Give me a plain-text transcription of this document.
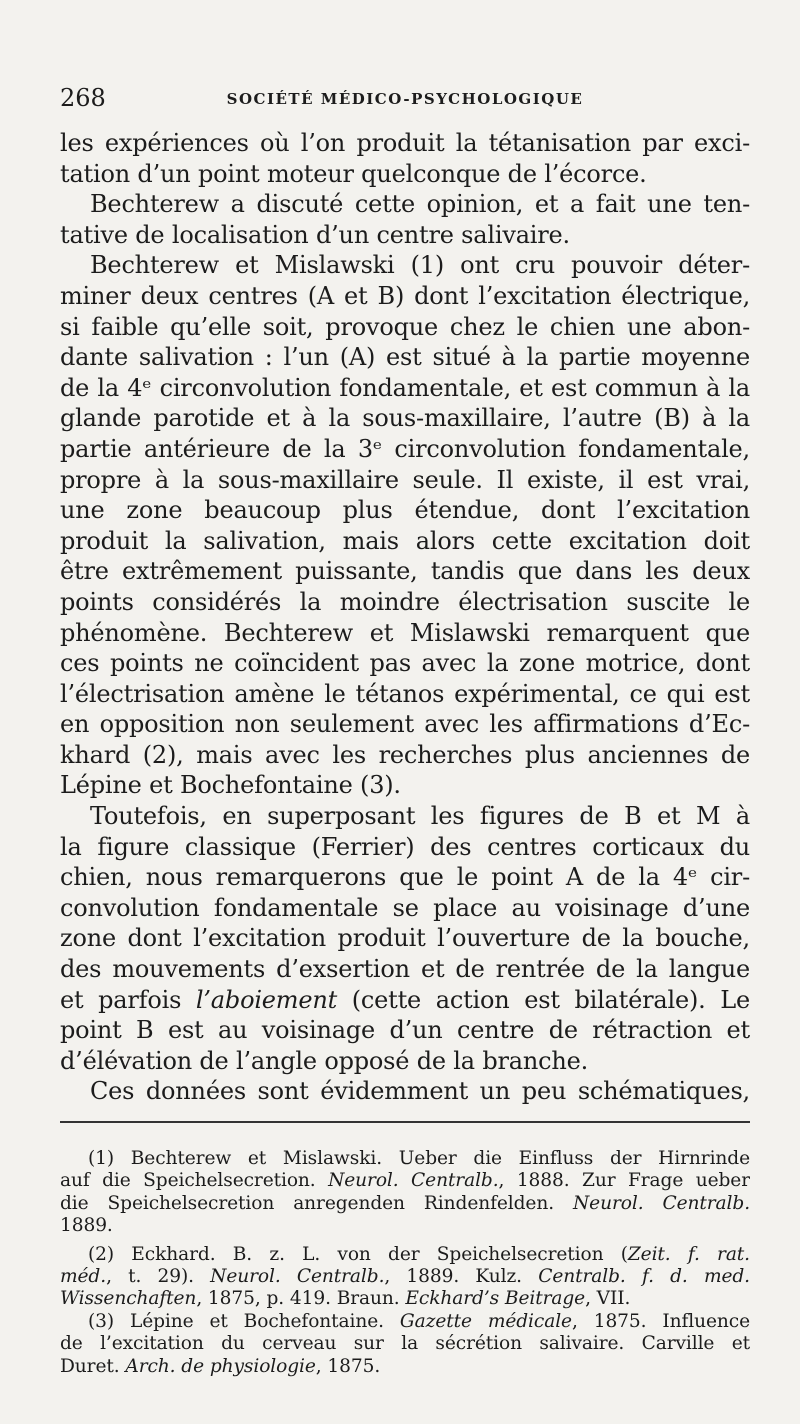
268	SOCIÉTÉ MÉDICO-PSYCHOLOGIQUE
les expériences où l’on produit la tétanisation par exci-
tation d’un point moteur quelconque de l’écorce.
Bechterew a discuté cette opinion, et a fait une ten-
tative de localisation d’un centre salivaire.
Bechterew et Mislawski (1) ont cru pouvoir déter-
miner deux centres (A et B) dont l’excitation électrique,
si faible qu’elle soit, provoque chez le chien une abon-
dante salivation : l’un (A) est situé à la partie moyenne
de la 4ᵉ circonvolution fondamentale, et est commun à la
glande parotide et à la sous-maxillaire, l’autre (B) à la
partie antérieure de la 3ᵉ circonvolution fondamentale,
propre à la sous-maxillaire seule. Il existe, il est vrai,
une zone beaucoup plus étendue, dont l’excitation
produit la salivation, mais alors cette excitation doit
être extrêmement puissante, tandis que dans les deux
points considérés la moindre électrisation suscite le
phénomène. Bechterew et Mislawski remarquent que
ces points ne coïncident pas avec la zone motrice, dont
l’électrisation amène le tétanos expérimental, ce qui est
en opposition non seulement avec les affirmations d’Ec-
khard (2), mais avec les recherches plus anciennes de
Lépine et Bochefontaine (3).
Toutefois, en superposant les figures de B et M à
la figure classique (Ferrier) des centres corticaux du
chien, nous remarquerons que le point A de la 4ᵉ cir-
convolution fondamentale se place au voisinage d’une
zone dont l’excitation produit l’ouverture de la bouche,
des mouvements d’exsertion et de rentrée de la langue
et parfois l’aboiement (cette action est bilatérale). Le
point B est au voisinage d’un centre de rétraction et
d’élévation de l’angle opposé de la branche.
Ces données sont évidemment un peu schématiques,
(1) Bechterew et Mislawski. Ueber die Einfluss der Hirnrinde
auf die Speichelsecretion. Neurol. Centralb., 1888. Zur Frage ueber
die Speichelsecretion anregenden Rindenfelden. Neurol. Centralb.
1889.
(2) Eckhard. B. z. L. von der Speichelsecretion (Zeit. f. rat.
méd., t. 29). Neurol. Centralb., 1889. Kulz. Centralb. f. d. med.
Wissenchaften, 1875, p. 419. Braun. Eckhard’s Beitrage, VII.
(3) Lépine et Bochefontaine. Gazette médicale, 1875. Influence
de l’excitation du cerveau sur la sécrétion salivaire. Carville et
Duret. Arch. de physiologie, 1875.
